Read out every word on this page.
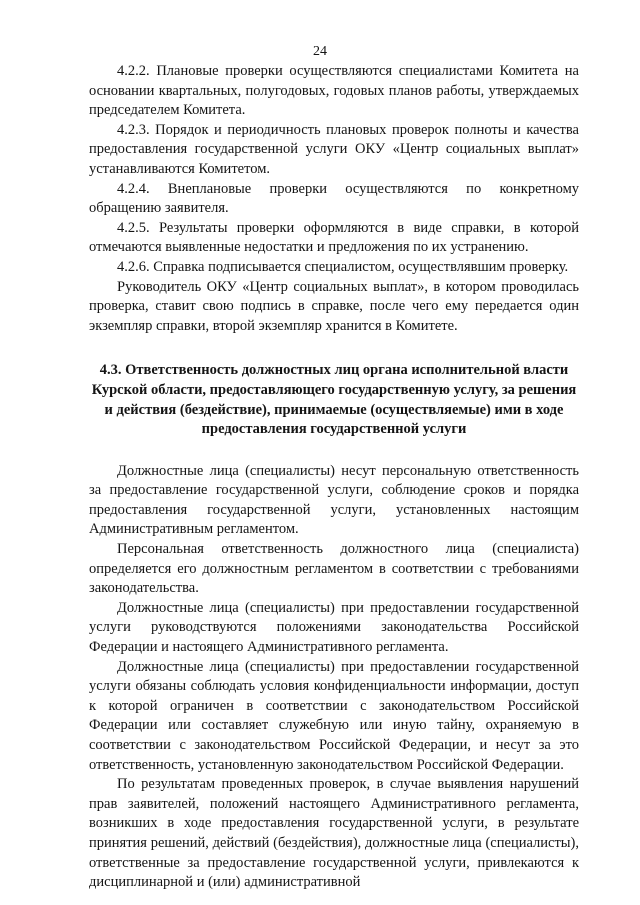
24

4.2.2. Плановые проверки осуществляются специалистами Комитета на основании квартальных, полугодовых, годовых планов работы, утверждаемых председателем Комитета.

4.2.3. Порядок и периодичность плановых проверок полноты и качества предоставления государственной услуги ОКУ «Центр социальных выплат» устанавливаются Комитетом.

4.2.4. Внеплановые проверки осуществляются по конкретному обращению заявителя.

4.2.5. Результаты проверки оформляются в виде справки, в которой отмечаются выявленные недостатки и предложения по их устранению.

4.2.6. Справка подписывается специалистом, осуществлявшим проверку.

Руководитель ОКУ «Центр социальных выплат», в котором проводилась проверка, ставит свою подпись в справке, после чего ему передается один экземпляр справки, второй экземпляр хранится в Комитете.

4.3. Ответственность должностных лиц органа исполнительной власти Курской области, предоставляющего государственную услугу, за решения и действия (бездействие), принимаемые (осуществляемые) ими в ходе предоставления государственной услуги

Должностные лица (специалисты) несут персональную ответственность за предоставление государственной услуги, соблюдение сроков и порядка предоставления государственной услуги, установленных настоящим Административным регламентом.

Персональная ответственность должностного лица (специалиста) определяется его должностным регламентом в соответствии с требованиями законодательства.

Должностные лица (специалисты) при предоставлении государственной услуги руководствуются положениями законодательства Российской Федерации и настоящего Административного регламента.

Должностные лица (специалисты) при предоставлении государственной услуги обязаны соблюдать условия конфиденциальности информации, доступ к которой ограничен в соответствии с законодательством Российской Федерации или составляет служебную или иную тайну, охраняемую в соответствии с законодательством Российской Федерации, и несут за это ответственность, установленную законодательством Российской Федерации.

По результатам проведенных проверок, в случае выявления нарушений прав заявителей, положений настоящего Административного регламента, возникших в ходе предоставления государственной услуги, в результате принятия решений, действий (бездействия), должностные лица (специалисты), ответственные за предоставление государственной услуги, привлекаются к дисциплинарной и (или) административной
